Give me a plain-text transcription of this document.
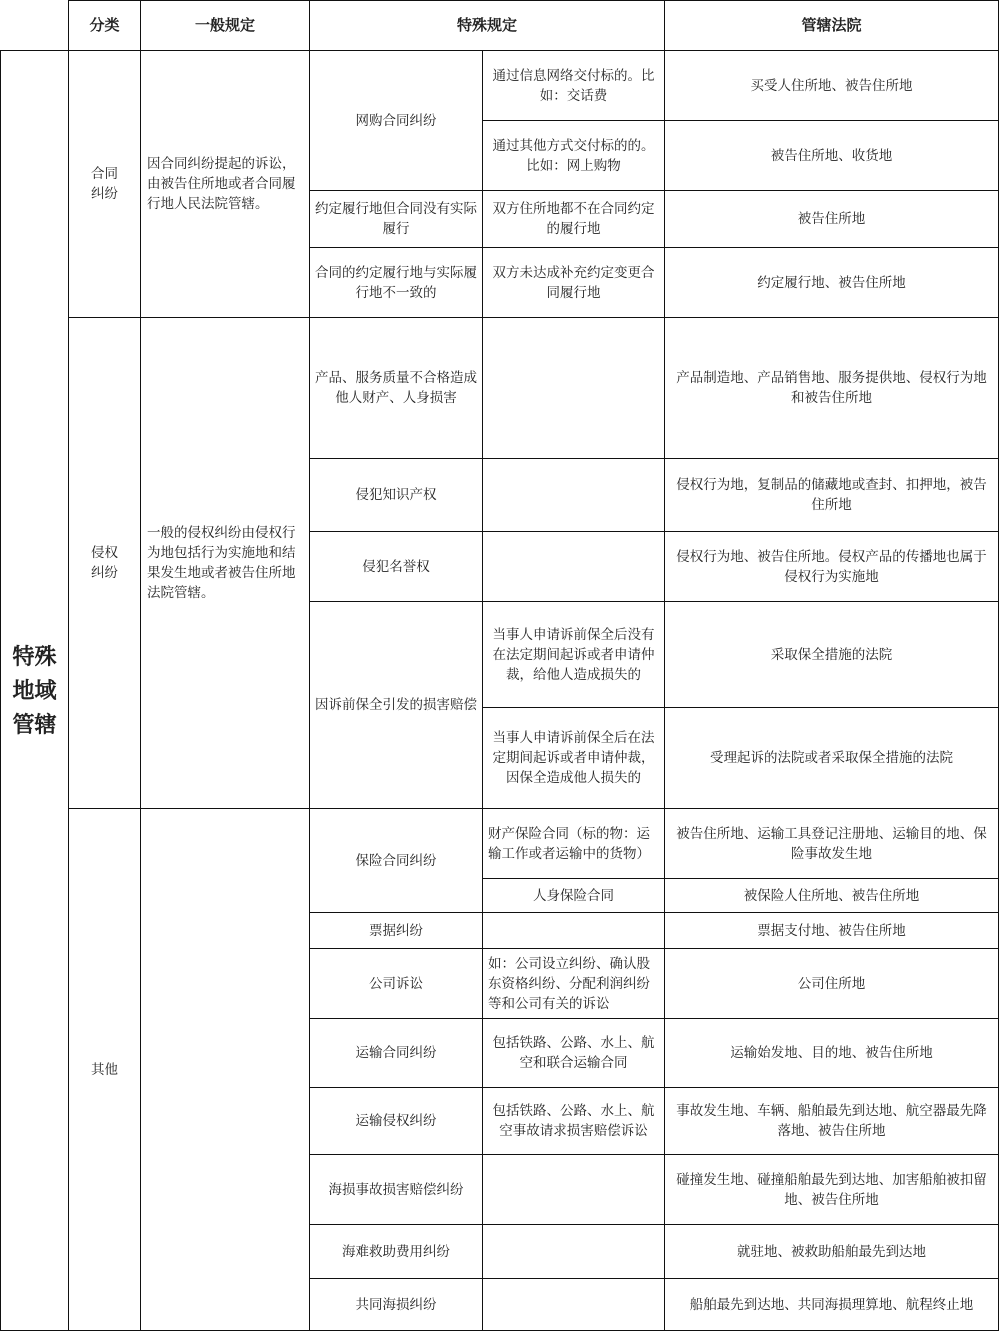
	分类	一般规定	特殊规定		管辖法院

特殊地域管辖	合同纠纷	因合同纠纷提起的诉讼，由被告住所地或者合同履行地人民法院管辖。	网购合同纠纷	通过信息网络交付标的。比如：交话费	买受人住所地、被告住所地
				通过其他方式交付标的的。比如：网上购物	被告住所地、收货地
			约定履行地但合同没有实际履行	双方住所地都不在合同约定的履行地	被告住所地
			合同的约定履行地与实际履行地不一致的	双方未达成补充约定变更合同履行地	约定履行地、被告住所地

	侵权纠纷	一般的侵权纠纷由侵权行为地包括行为实施地和结果发生地或者被告住所地法院管辖。	产品、服务质量不合格造成他人财产、人身损害		产品制造地、产品销售地、服务提供地、侵权行为地和被告住所地
			侵犯知识产权		侵权行为地，复制品的储藏地或查封、扣押地，被告住所地
			侵犯名誉权		侵权行为地、被告住所地。侵权产品的传播地也属于侵权行为实施地
			因诉前保全引发的损害赔偿	当事人申请诉前保全后没有在法定期间起诉或者申请仲裁，给他人造成损失的	采取保全措施的法院
				当事人申请诉前保全后在法定期间起诉或者申请仲裁，因保全造成他人损失的	受理起诉的法院或者采取保全措施的法院
	其他		保险合同纠纷	财产保险合同（标的物：运输工作或者运输中的货物）	被告住所地、运输工具登记注册地、运输目的地、保险事故发生地
				人身保险合同	被保险人住所地、被告住所地
			票据纠纷		票据支付地、被告住所地
			公司诉讼	如：公司设立纠纷、确认股东资格纠纷、分配利润纠纷等和公司有关的诉讼	公司住所地
			运输合同纠纷	包括铁路、公路、水上、航空和联合运输合同	运输始发地、目的地、被告住所地
			运输侵权纠纷	包括铁路、公路、水上、航空事故请求损害赔偿诉讼	事故发生地、车辆、船舶最先到达地、航空器最先降落地、被告住所地
			海损事故损害赔偿纠纷		碰撞发生地、碰撞船舶最先到达地、加害船舶被扣留地、被告住所地
			海难救助费用纠纷		就驻地、被救助船舶最先到达地
			共同海损纠纷		船舶最先到达地、共同海损理算地、航程终止地
